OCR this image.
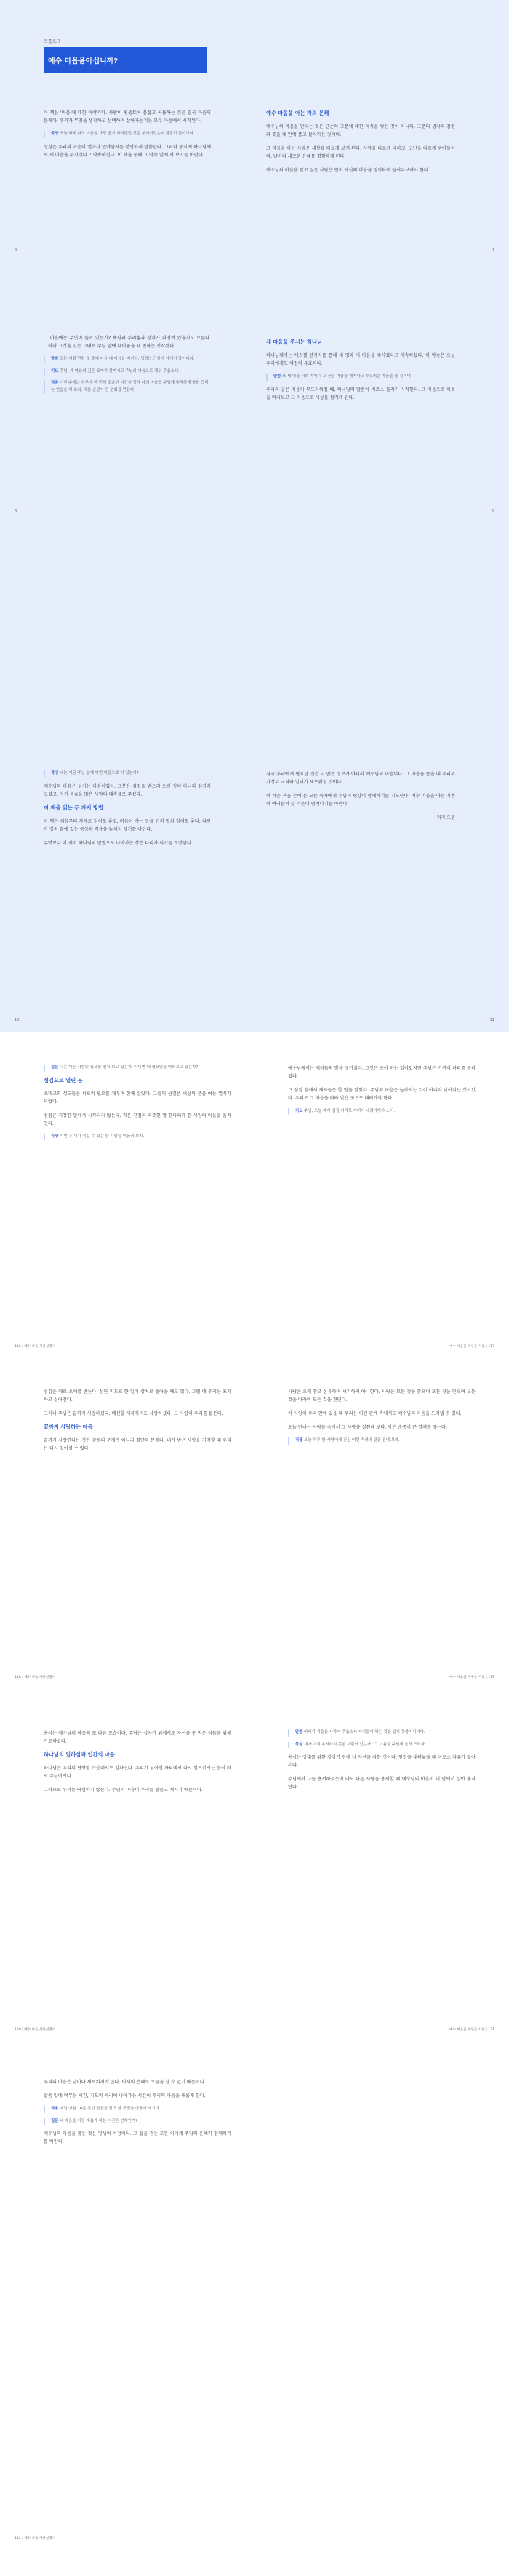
프롤로그
예수 마음을 아십니까?

이 책은 '마음'에 대한 이야기다. 사람이 평생토록 붙잡고 씨름하는 것은 결국 마음의 문제다. 우리가 무엇을 생각하고 선택하며 살아가는지는 모두 마음에서 시작된다.

묵상 오늘 하루 나의 마음을 가장 많이 차지했던 것은 무엇이었는지 잠잠히 돌아보라.

성경은 우리의 마음이 얼마나 연약한지를 분명하게 말씀한다. 그러나 동시에 하나님께서 새 마음을 주시겠다고 약속하신다. 이 책을 통해 그 약속 앞에 서 보기를 바란다.

6
예수 마음을 아는 자의 은혜

예수님의 마음을 안다는 것은 단순히 그분에 대한 지식을 쌓는 것이 아니다. 그분의 생각과 감정과 뜻을 내 안에 품고 살아가는 것이다.

그 마음을 아는 사람은 세상을 다르게 보게 된다. 사람을 다르게 대하고, 고난을 다르게 받아들이며, 날마다 새로운 은혜를 경험하게 된다.

예수님의 마음을 알고 싶은 사람은 먼저 자신의 마음을 정직하게 들여다보아야 한다.

7

그 마음에는 무엇이 들어 있는가? 욕심과 두려움과 상처가 뒤엉켜 있을지도 모른다. 그러나 그것을 있는 그대로 주님 앞에 내어놓을 때 변화는 시작된다.

말씀 모든 지킬 만한 것 중에 더욱 네 마음을 지키라. 생명의 근원이 이에서 남이니라.
기도 주님, 제 마음의 깊은 곳까지 살피시고 주님의 마음으로 채워 주옵소서.
적용 이번 주에는 하루에 한 번씩 조용한 시간을 정해 나의 마음을 주님께 솔직하게 올려 드리는 연습을 해 보라. 작은 습관이 큰 변화를 만든다.
8
새 마음을 주시는 하나님

하나님께서는 에스겔 선지자를 통해 새 영과 새 마음을 주시겠다고 약속하셨다. 이 약속은 오늘 우리에게도 여전히 유효하다.

말씀 또 새 영을 너희 속에 두고 굳은 마음을 제거하고 부드러운 마음을 줄 것이며

우리의 굳은 마음이 부드러워질 때, 하나님의 말씀이 비로소 들리기 시작한다. 그 마음으로 이웃을 바라보고 그 마음으로 세상을 섬기게 된다.

9
묵상 나는 지금 주님 앞에 어떤 마음으로 서 있는가?

예수님의 마음은 섬기는 마음이었다. 그분은 섬김을 받으러 오신 것이 아니라 섬기러 오셨고, 자기 목숨을 많은 사람의 대속물로 주셨다.

이 책을 읽는 두 가지 방법

이 책은 처음부터 차례로 읽어도 좋고, 마음이 가는 장을 먼저 펼쳐 읽어도 좋다. 다만 각 장의 끝에 있는 묵상과 적용을 놓치지 않기를 바란다.

무엇보다 이 책이 하나님의 말씀으로 나아가는 작은 다리가 되기를 소망한다.

10

결국 우리에게 필요한 것은 더 많은 정보가 아니라 예수님의 마음이다. 그 마음을 품을 때 우리의 가정과 교회와 일터가 새로워질 것이다.

이 작은 책을 손에 든 모든 독자에게 주님의 평강이 함께하기를 기도한다. 예수 마음을 아는 기쁨이 여러분의 삶 가운데 넘쳐나기를 바란다.

저자 드림
11
질문 나는 다른 사람의 필요를 먼저 보고 있는가, 아니면 내 필요만을 바라보고 있는가?
섬김으로 열린 문

초대교회 성도들은 서로의 필요를 채우며 함께 살았다. 그들의 섬김은 세상의 문을 여는 열쇠가 되었다.

섬김은 거창한 일에서 시작되지 않는다. 작은 친절과 따뜻한 말 한마디가 한 사람의 마음을 움직인다.

묵상 이번 주 내가 섬길 수 있는 한 사람을 떠올려 보라.
116 | 예수 마음 사용설명서

예수님께서는 제자들의 발을 씻기셨다. 그것은 종이 하는 일이었지만 주님은 기꺼이 허리를 굽히셨다.

그 섬김 앞에서 제자들은 할 말을 잃었다. 주님의 마음은 높아지는 것이 아니라 낮아지는 것이었다. 우리도 그 마음을 따라 낮은 곳으로 내려가야 한다.

기도 주님, 오늘 제가 섬길 자리로 기꺼이 내려가게 하소서.
예수 마음을 배우는 사람 | 117

섬김은 때로 오해를 받는다. 선한 의도로 한 일이 상처로 돌아올 때도 있다. 그럴 때 우리는 포기하고 싶어진다.

그러나 주님은 끝까지 사랑하셨다. 배신할 제자까지도 사랑하셨다. 그 사랑이 우리를 붙든다.

끝까지 사랑하는 마음

끝까지 사랑한다는 것은 감정의 문제가 아니라 결단의 문제다. 내가 받은 사랑을 기억할 때 우리는 다시 일어설 수 있다.

118 | 예수 마음 사용설명서

사랑은 오래 참고 온유하며 시기하지 아니한다. 사랑은 모든 것을 참으며 모든 것을 믿으며 모든 것을 바라며 모든 것을 견딘다.

이 사랑이 우리 안에 있을 때 우리는 어떤 관계 속에서도 예수님의 마음을 드러낼 수 있다.

오늘 만나는 사람들 속에서 그 사랑을 실천해 보라. 작은 순종이 큰 열매를 맺는다.

적용 오늘 하루 한 사람에게 진심 어린 격려의 말을 건네 보라.
예수 마음을 배우는 사람 | 119

용서는 예수님의 마음의 또 다른 모습이다. 주님은 십자가 위에서도 자신을 못 박은 자들을 위해 기도하셨다.

하나님의 일하심과 인간의 마음

하나님은 우리의 연약함 가운데서도 일하신다. 우리가 넘어진 자리에서 다시 일으키시는 분이 바로 주님이시다.

그러므로 우리는 낙심하지 않는다. 주님의 마음이 우리를 붙들고 계시기 때문이다.

120 | 예수 마음 사용설명서
말씀 아버지 저들을 사하여 주옵소서 자기들이 하는 것을 알지 못함이니이다.
묵상 내가 아직 용서하지 못한 사람이 있는가? 그 이름을 주님께 올려 드리라.

용서는 상대를 위한 것이기 전에 나 자신을 위한 것이다. 원망을 내려놓을 때 비로소 자유가 찾아온다.

주님께서 나를 용서하셨듯이 나도 다른 사람을 용서할 때 예수님의 마음이 내 안에서 살아 움직인다.

예수 마음을 배우는 사람 | 121

우리의 마음은 날마다 새로워져야 한다. 어제의 은혜로 오늘을 살 수 없기 때문이다.

말씀 앞에 머무는 시간, 기도의 자리에 나아가는 시간이 우리의 마음을 새롭게 한다.

적용 매일 아침 10분 동안 말씀을 읽고 한 구절을 마음에 새기라.
질문 내 마음을 가장 새롭게 하는 시간은 언제인가?

예수님의 마음을 품는 것은 평생의 여정이다. 그 길을 걷는 모든 이에게 주님의 은혜가 함께하기를 바란다.

122 | 예수 마음 사용설명서
